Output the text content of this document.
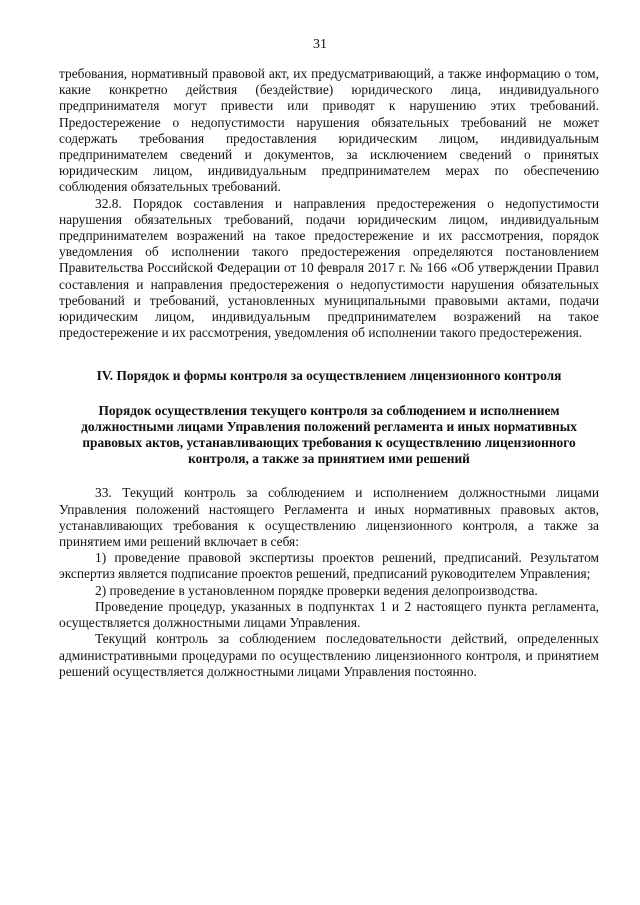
31

требования, нормативный правовой акт, их предусматривающий, а также информацию о том, какие конкретно действия (бездействие) юридического лица, индивидуального предпринимателя могут привести или приводят к нарушению этих требований. Предостережение о недопустимости нарушения обязательных требований не может содержать требования предоставления юридическим лицом, индивидуальным предпринимателем сведений и документов, за исключением сведений о принятых юридическим лицом, индивидуальным предпринимателем мерах по обеспечению соблюдения обязательных требований.

32.8. Порядок составления и направления предостережения о недопустимости нарушения обязательных требований, подачи юридическим лицом, индивидуальным предпринимателем возражений на такое предостережение и их рассмотрения, порядок уведомления об исполнении такого предостережения определяются постановлением Правительства Российской Федерации от 10 февраля 2017 г. № 166 «Об утверждении Правил составления и направления предостережения о недопустимости нарушения обязательных требований и требований, установленных муниципальными правовыми актами, подачи юридическим лицом, индивидуальным предпринимателем возражений на такое предостережение и их рассмотрения, уведомления об исполнении такого предостережения.

IV. Порядок и формы контроля за осуществлением лицензионного контроля
Порядок осуществления текущего контроля за соблюдением и исполнением должностными лицами Управления положений регламента и иных нормативных правовых актов, устанавливающих требования к осуществлению лицензионного контроля, а также за принятием ими решений

33. Текущий контроль за соблюдением и исполнением должностными лицами Управления положений настоящего Регламента и иных нормативных правовых актов, устанавливающих требования к осуществлению лицензионного контроля, а также за принятием ими решений включает в себя:

1) проведение правовой экспертизы проектов решений, предписаний. Результатом экспертиз является подписание проектов решений, предписаний руководителем Управления;

2) проведение в установленном порядке проверки ведения делопроизводства.

Проведение процедур, указанных в подпунктах 1 и 2 настоящего пункта регламента, осуществляется должностными лицами Управления.

Текущий контроль за соблюдением последовательности действий, определенных административными процедурами по осуществлению лицензионного контроля, и принятием решений осуществляется должностными лицами Управления постоянно.
